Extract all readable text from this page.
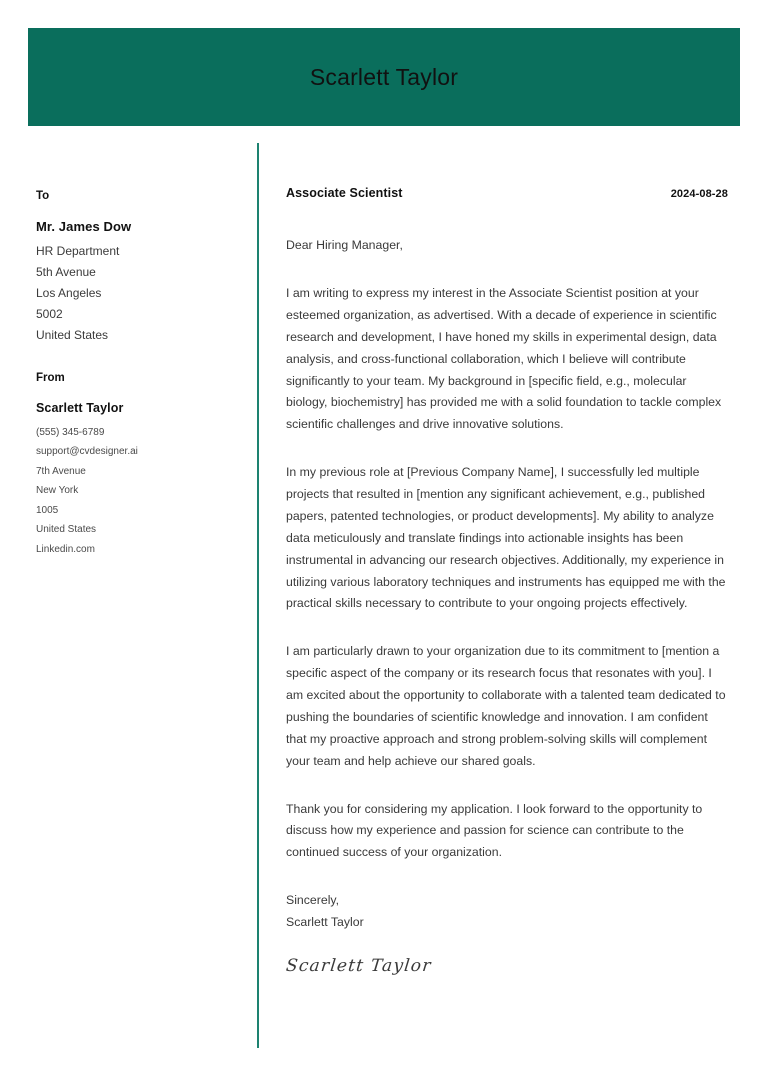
Scarlett Taylor
To
Mr. James Dow
HR Department
5th Avenue
Los Angeles
5002
United States
From
Scarlett Taylor
(555) 345-6789
support@cvdesigner.ai
7th Avenue
New York
1005
United States
Linkedin.com
Associate Scientist	2024-08-28
Dear Hiring Manager,

I am writing to express my interest in the Associate Scientist position at your esteemed organization, as advertised. With a decade of experience in scientific research and development, I have honed my skills in experimental design, data analysis, and cross-functional collaboration, which I believe will contribute significantly to your team. My background in [specific field, e.g., molecular biology, biochemistry] has provided me with a solid foundation to tackle complex scientific challenges and drive innovative solutions.

In my previous role at [Previous Company Name], I successfully led multiple projects that resulted in [mention any significant achievement, e.g., published papers, patented technologies, or product developments]. My ability to analyze data meticulously and translate findings into actionable insights has been instrumental in advancing our research objectives. Additionally, my experience in utilizing various laboratory techniques and instruments has equipped me with the practical skills necessary to contribute to your ongoing projects effectively.

I am particularly drawn to your organization due to its commitment to [mention a specific aspect of the company or its research focus that resonates with you]. I am excited about the opportunity to collaborate with a talented team dedicated to pushing the boundaries of scientific knowledge and innovation. I am confident that my proactive approach and strong problem-solving skills will complement your team and help achieve our shared goals.

Thank you for considering my application. I look forward to the opportunity to discuss how my experience and passion for science can contribute to the continued success of your organization.

Sincerely,
Scarlett Taylor
Scarlett Taylor
